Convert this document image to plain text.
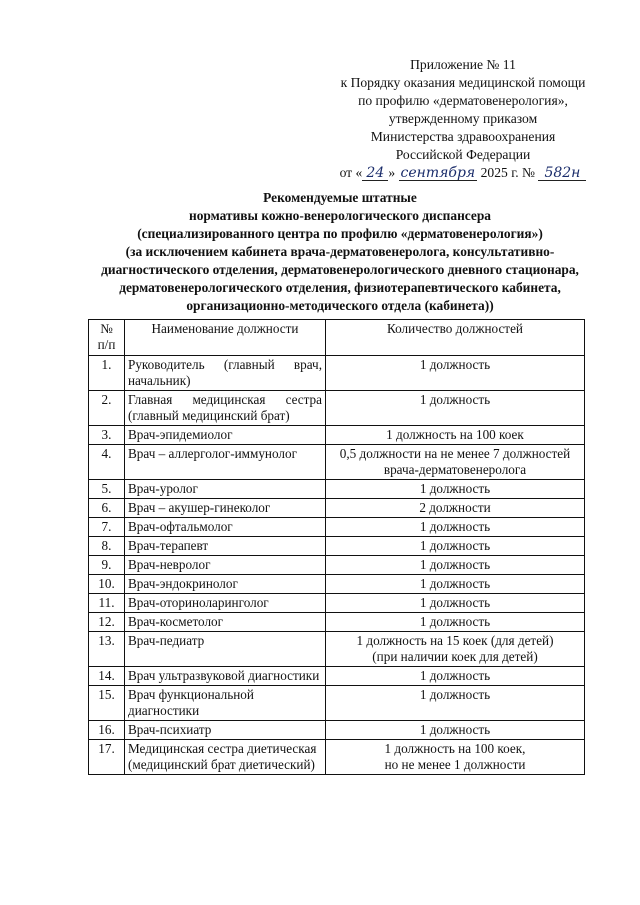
Приложение № 11
к Порядку оказания медицинской помощи
по профилю «дерматовенерология»,
утвержденному приказом
Министерства здравоохранения
Российской Федерации
от « 24 » сентября 2025 г. № 582н
Рекомендуемые штатные
нормативы кожно-венерологического диспансера
(специализированного центра по профилю «дерматовенерология»)
(за исключением кабинета врача-дерматовенеролога, консультативно-
диагностического отделения, дерматовенерологического дневного стационара,
дерматовенерологического отделения, физиотерапевтического кабинета,
организационно-методического отдела (кабинета))
№
п/п	Наименование должности	Количество должностей
1.	Руководитель (главный врач, начальник)	1 должность

2.	Главная медицинская сестра (главный медицинский брат)	1 должность

3.	Врач-эпидемиолог	1 должность на 100 коек

4.	Врач – аллерголог-иммунолог	0,5 должности на не менее 7 должностей
врача-дерматовенеролога

5.	Врач-уролог	1 должность

6.	Врач – акушер-гинеколог	2 должности

7.	Врач-офтальмолог	1 должность

8.	Врач-терапевт	1 должность

9.	Врач-невролог	1 должность

10.	Врач-эндокринолог	1 должность

11.	Врач-оториноларинголог	1 должность

12.	Врач-косметолог	1 должность

13.	Врач-педиатр	1 должность на 15 коек (для детей)
(при наличии коек для детей)

14.	Врач ультразвуковой диагностики	1 должность

15.	Врач функциональной диагностики	1 должность

16.	Врач-психиатр	1 должность

17.	Медицинская сестра диетическая (медицинский брат диетический)	1 должность на 100 коек,
но не менее 1 должности
